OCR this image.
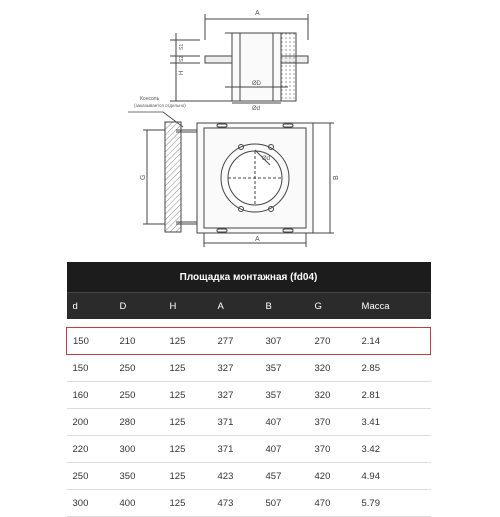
A
S1
S2
H
ØD
Ød
Консоль
(заказывается отдельно)
G	B
Ød
A
Площадка монтажная (fd04)						
d	D	H	A	B	G	Масса

150	210	125	277	307	270	2.14
150	250	125	327	357	320	2.85
160	250	125	327	357	320	2.81
200	280	125	371	407	370	3.41
220	300	125	371	407	370	3.42
250	350	125	423	457	420	4.94
300	400	125	473	507	470	5.79
